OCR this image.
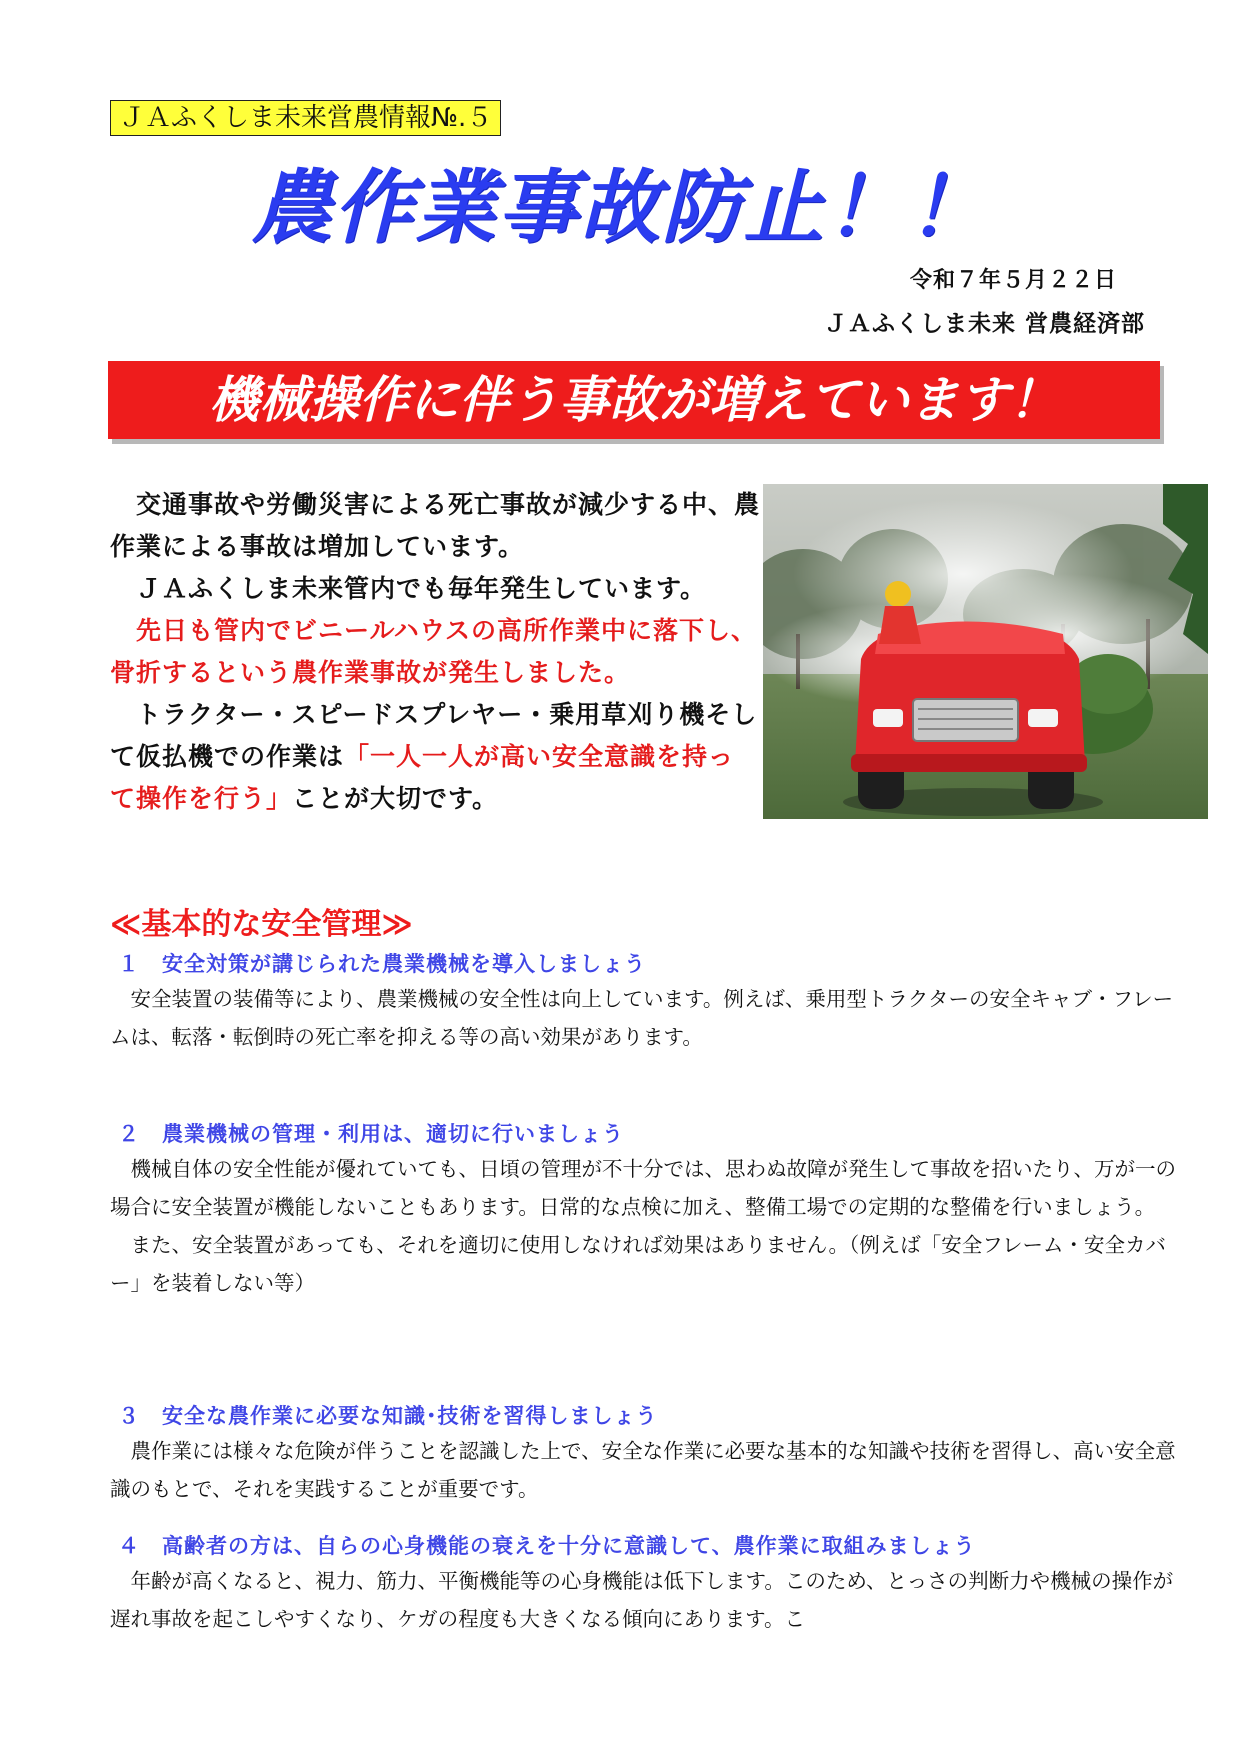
ＪＡふくしま未来営農情報№.５
農作業事故防止！！
令和７年５月２２日
ＪＡふくしま未来 営農経済部
機械操作に伴う事故が増えています！

　交通事故や労働災害による死亡事故が減少する中、農作業による事故は増加しています。

　ＪＡふくしま未来管内でも毎年発生しています。

　先日も管内でビニールハウスの高所作業中に落下し、骨折するという農作業事故が発生しました。

　トラクター・スピードスプレヤー・乗用草刈り機そして仮払機での作業は「一人一人が高い安全意識を持って操作を行う」ことが大切です。

≪基本的な安全管理≫
１ 安全対策が講じられた農業機械を導入しましょう

　安全装置の装備等により、農業機械の安全性は向上しています。例えば、乗用型トラクターの安全キャブ・フレームは、転落・転倒時の死亡率を抑える等の高い効果があります。

２ 農業機械の管理・利用は、適切に行いましょう

　機械自体の安全性能が優れていても、日頃の管理が不十分では、思わぬ故障が発生して事故を招いたり、万が一の場合に安全装置が機能しないこともあります。日常的な点検に加え、整備工場での定期的な整備を行いましょう。

　また、安全装置があっても、それを適切に使用しなければ効果はありません。（例えば「安全フレーム・安全カバー」を装着しない等）

３ 安全な農作業に必要な知識･技術を習得しましょう

　農作業には様々な危険が伴うことを認識した上で、安全な作業に必要な基本的な知識や技術を習得し、高い安全意識のもとで、それを実践することが重要です。

４ 高齢者の方は、自らの心身機能の衰えを十分に意識して、農作業に取組みましょう

　年齢が高くなると、視力、筋力、平衡機能等の心身機能は低下します。このため、とっさの判断力や機械の操作が遅れ事故を起こしやすくなり、ケガの程度も大きくなる傾向にあります。こ
